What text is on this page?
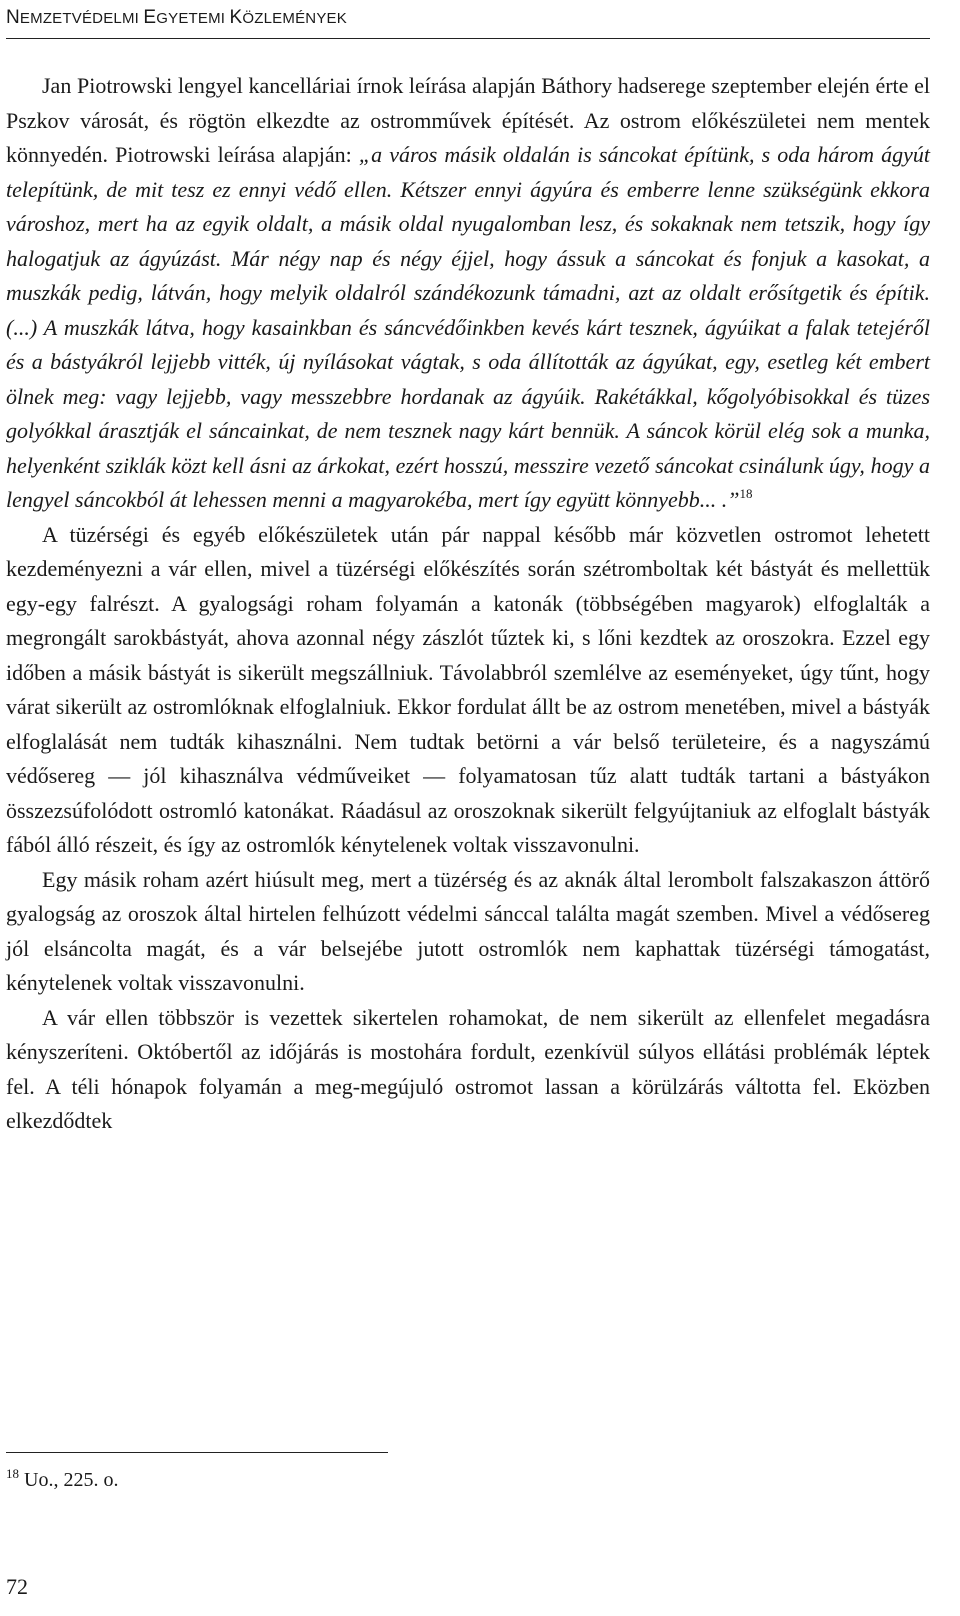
NEMZETVÉDELMI EGYETEMI KÖZLEMÉNYEK

Jan Piotrowski lengyel kancelláriai írnok leírása alapján Báthory hadserege szeptember elején érte el Pszkov városát, és rögtön elkezdte az ostromművek építését. Az ostrom előkészületei nem mentek könnyedén. Piotrowski leírása alapján: „a város másik oldalán is sáncokat építünk, s oda három ágyút telepítünk, de mit tesz ez ennyi védő ellen. Kétszer ennyi ágyúra és emberre lenne szükségünk ekkora városhoz, mert ha az egyik oldalt, a másik oldal nyugalomban lesz, és sokaknak nem tetszik, hogy így halogatjuk az ágyúzást. Már négy nap és négy éjjel, hogy ássuk a sáncokat és fonjuk a kasokat, a muszkák pedig, látván, hogy melyik oldalról szándékozunk támadni, azt az oldalt erősítgetik és építik. (...) A muszkák látva, hogy kasainkban és sáncvédőinkben kevés kárt tesznek, ágyúikat a falak tetejéről és a bástyákról lejjebb vitték, új nyílásokat vágtak, s oda állították az ágyúkat, egy, esetleg két embert ölnek meg: vagy lejjebb, vagy messzebbre hordanak az ágyúik. Rakétákkal, kőgolyóbisokkal és tüzes golyókkal árasztják el sáncainkat, de nem tesznek nagy kárt bennük. A sáncok körül elég sok a munka, helyenként sziklák közt kell ásni az árkokat, ezért hosszú, messzire vezető sáncokat csinálunk úgy, hogy a lengyel sáncokból át lehessen menni a magyarokéba, mert így együtt könnyebb... .”$^{18}$

A tüzérségi és egyéb előkészületek után pár nappal később már közvetlen ostromot lehetett kezdeményezni a vár ellen, mivel a tüzérségi előkészítés során szétromboltak két bástyát és mellettük egy-egy falrészt. A gyalogsági roham folyamán a katonák (többségében magyarok) elfoglalták a megrongált sarokbástyát, ahova azonnal négy zászlót tűztek ki, s lőni kezdtek az oroszokra. Ezzel egy időben a másik bástyát is sikerült megszállniuk. Távolabbról szemlélve az eseményeket, úgy tűnt, hogy várat sikerült az ostromlóknak elfoglalniuk. Ekkor fordulat állt be az ostrom menetében, mivel a bástyák elfoglalását nem tudták kihasználni. Nem tudtak betörni a vár belső területeire, és a nagyszámú védősereg — jól kihasználva védműveiket — folyamatosan tűz alatt tudták tartani a bástyákon összezsúfolódott ostromló katonákat. Ráadásul az oroszoknak sikerült felgyújtaniuk az elfoglalt bástyák fából álló részeit, és így az ostromlók kénytelenek voltak visszavonulni.

Egy másik roham azért hiúsult meg, mert a tüzérség és az aknák által lerombolt falszakaszon áttörő gyalogság az oroszok által hirtelen felhúzott védelmi sánccal találta magát szemben. Mivel a védősereg jól elsáncolta magát, és a vár belsejébe jutott ostromlók nem kaphattak tüzérségi támogatást, kénytelenek voltak visszavonulni.

A vár ellen többször is vezettek sikertelen rohamokat, de nem sikerült az ellenfelet megadásra kényszeríteni. Októbertől az időjárás is mostohára fordult, ezenkívül súlyos ellátási problémák léptek fel. A téli hónapok folyamán a meg-megújuló ostromot lassan a körülzárás váltotta fel. Eközben elkezdődtek

$^{18}$ Uo., 225. o.
72
